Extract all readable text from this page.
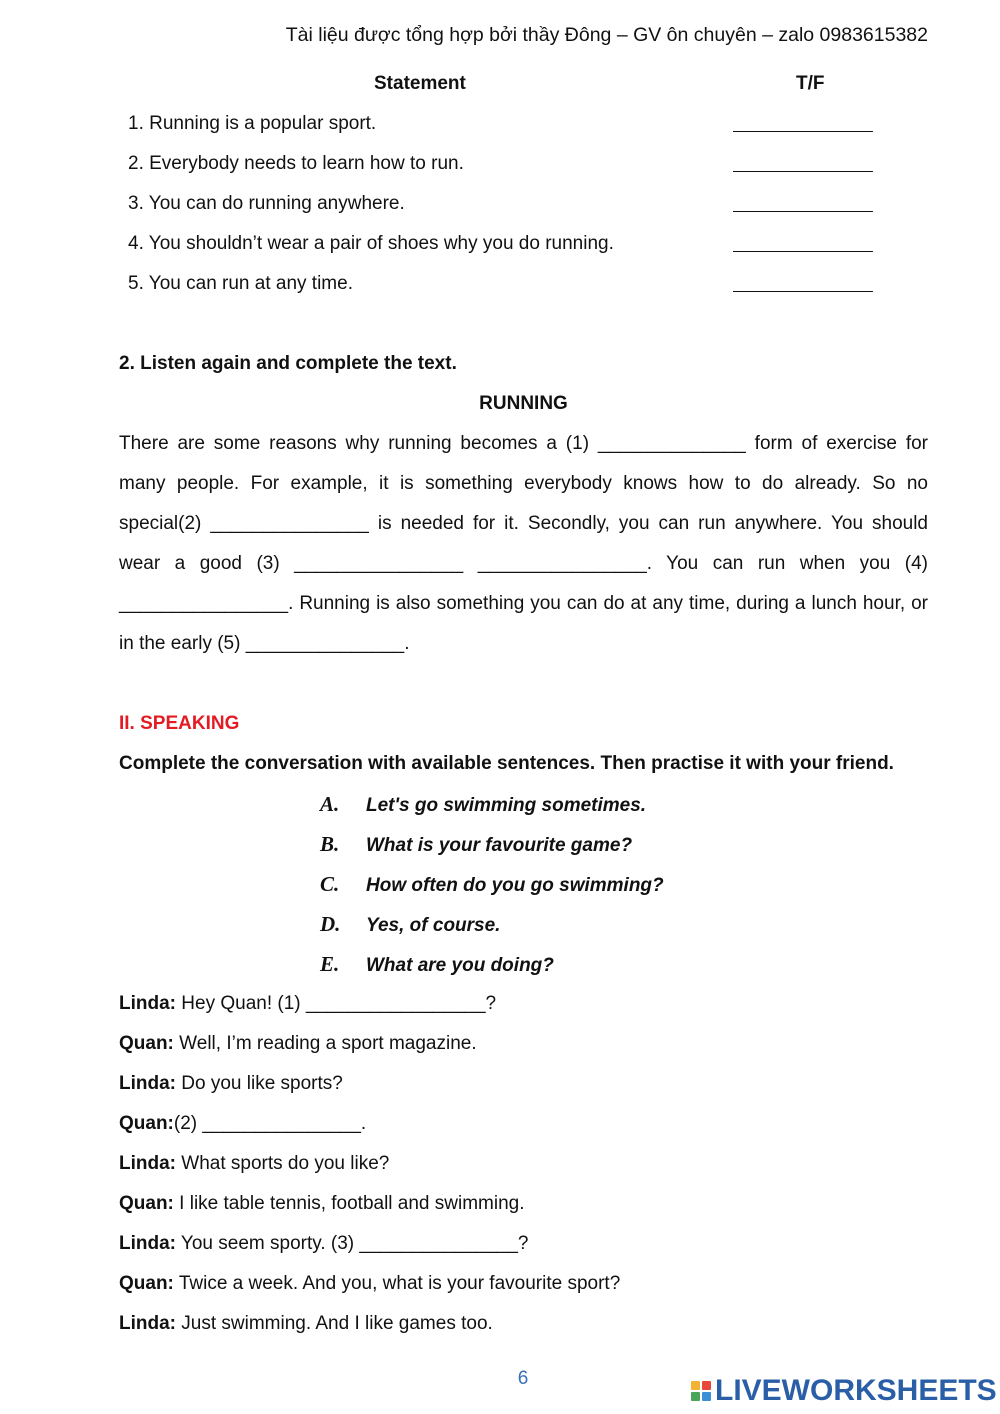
Tài liệu được tổng hợp bởi thầy Đông – GV ôn chuyên – zalo 0983615382
Statement	T/F
1. Running is a popular sport.
2. Everybody needs to learn how to run.
3. You can do running anywhere.
4. You shouldn’t wear a pair of shoes why you do running.
5. You can run at any time.
2. Listen again and complete the text.
RUNNING

There are some reasons why running becomes a (1) ______________ form of exercise for many people. For example, it is something everybody knows how to do already. So no special(2) _______________ is needed for it. Secondly, you can run anywhere. You should wear a good (3) ________________ ________________. You can run when you (4) ________________. Running is also something you can do at any time, during a lunch hour, or in the early (5) _______________.

II. SPEAKING
Complete the conversation with available sentences. Then practise it with your friend.
A. Let's go swimming sometimes.
B. What is your favourite game?
C. How often do you go swimming?
D. Yes, of course.
E. What are you doing?
Linda: Hey Quan! (1) _________________?
Quan: Well, I’m reading a sport magazine.
Linda: Do you like sports?
Quan:(2) _______________.
Linda: What sports do you like?
Quan: I like table tennis, football and swimming.
Linda: You seem sporty. (3) _______________?
Quan: Twice a week. And you, what is your favourite sport?
Linda: Just swimming. And I like games too.
6	LIVEWORKSHEETS
